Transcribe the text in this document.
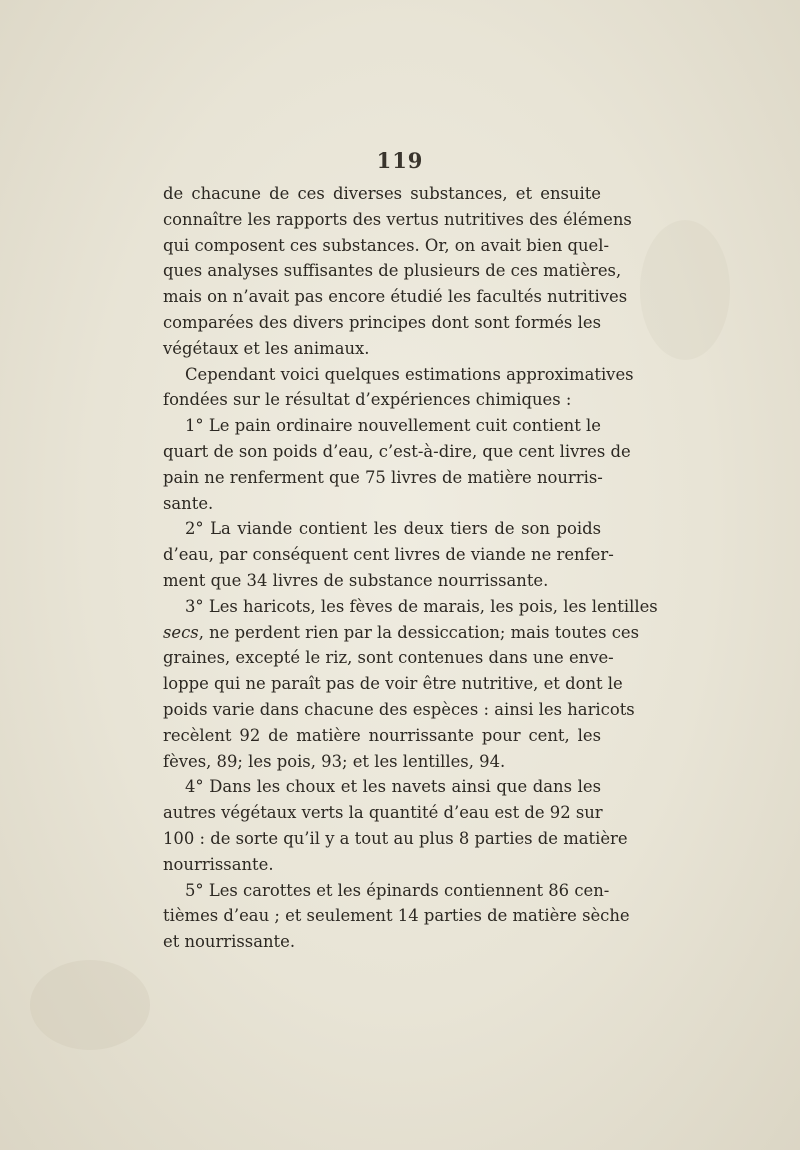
119
de chacune de ces diverses substances, et ensuite
connaître les rapports des vertus nutritives des élémens
qui composent ces substances. Or, on avait bien quel-
ques analyses suffisantes de plusieurs de ces matières,
mais on n’avait pas encore étudié les facultés nutritives
comparées des divers principes dont sont formés les
végétaux et les animaux.
Cependant voici quelques estimations approximatives
fondées sur le résultat d’expériences chimiques :
1° Le pain ordinaire nouvellement cuit contient le
quart de son poids d’eau, c’est-à-dire, que cent livres de
pain ne renferment que 75 livres de matière nourris-
sante.
2° La viande contient les deux tiers de son poids
d’eau, par conséquent cent livres de viande ne renfer-
ment que 34 livres de substance nourrissante.
3° Les haricots, les fèves de marais, les pois, les lentilles
secs, ne perdent rien par la dessiccation; mais toutes ces
graines, excepté le riz, sont contenues dans une enve-
loppe qui ne paraît pas de voir être nutritive, et dont le
poids varie dans chacune des espèces : ainsi les haricots
recèlent 92 de matière nourrissante pour cent, les
fèves, 89; les pois, 93; et les lentilles, 94.
4° Dans les choux et les navets ainsi que dans les
autres végétaux verts la quantité d’eau est de 92 sur
100 : de sorte qu’il y a tout au plus 8 parties de matière
nourrissante.
5° Les carottes et les épinards contiennent 86 cen-
tièmes d’eau ; et seulement 14 parties de matière sèche
et nourrissante.
